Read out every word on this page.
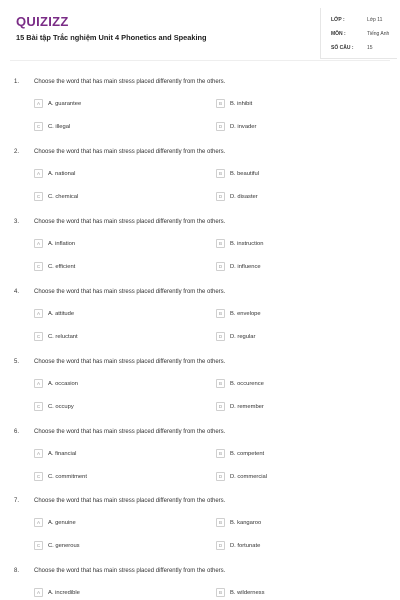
QUIZIZZ
15 Bài tập Trắc nghiệm Unit 4 Phonetics and Speaking
LỚP :	Lớp 11
MÔN :	Tiếng Anh
SỐ CÂU :	15
1. Choose the word that has main stress placed differently from the others.
A	A. guarantee	B	B. inhibit
C	C. illegal	D	D. invader
2. Choose the word that has main stress placed differently from the others.
A	A. national	B	B. beautiful
C	C. chemical	D	D. disaster
3. Choose the word that has main stress placed differently from the others.
A	A. inflation	B	B. instruction
C	C. efficient	D	D. influence
4. Choose the word that has main stress placed differently from the others.
A	A. attitude	B	B. envelope
C	C. reluctant	D	D. regular
5. Choose the word that has main stress placed differently from the others.
A	A. occasion	B	B. occurence
C	C. occupy	D	D. remember
6. Choose the word that has main stress placed differently from the others.
A	A. financial	B	B. competent
C	C. commitment	D	D. commercial
7. Choose the word that has main stress placed differently from the others.
A	A. genuine	B	B. kangaroo
C	C. generous	D	D. fortunate
8. Choose the word that has main stress placed differently from the others.
A	A. incredible	B	B. wilderness
